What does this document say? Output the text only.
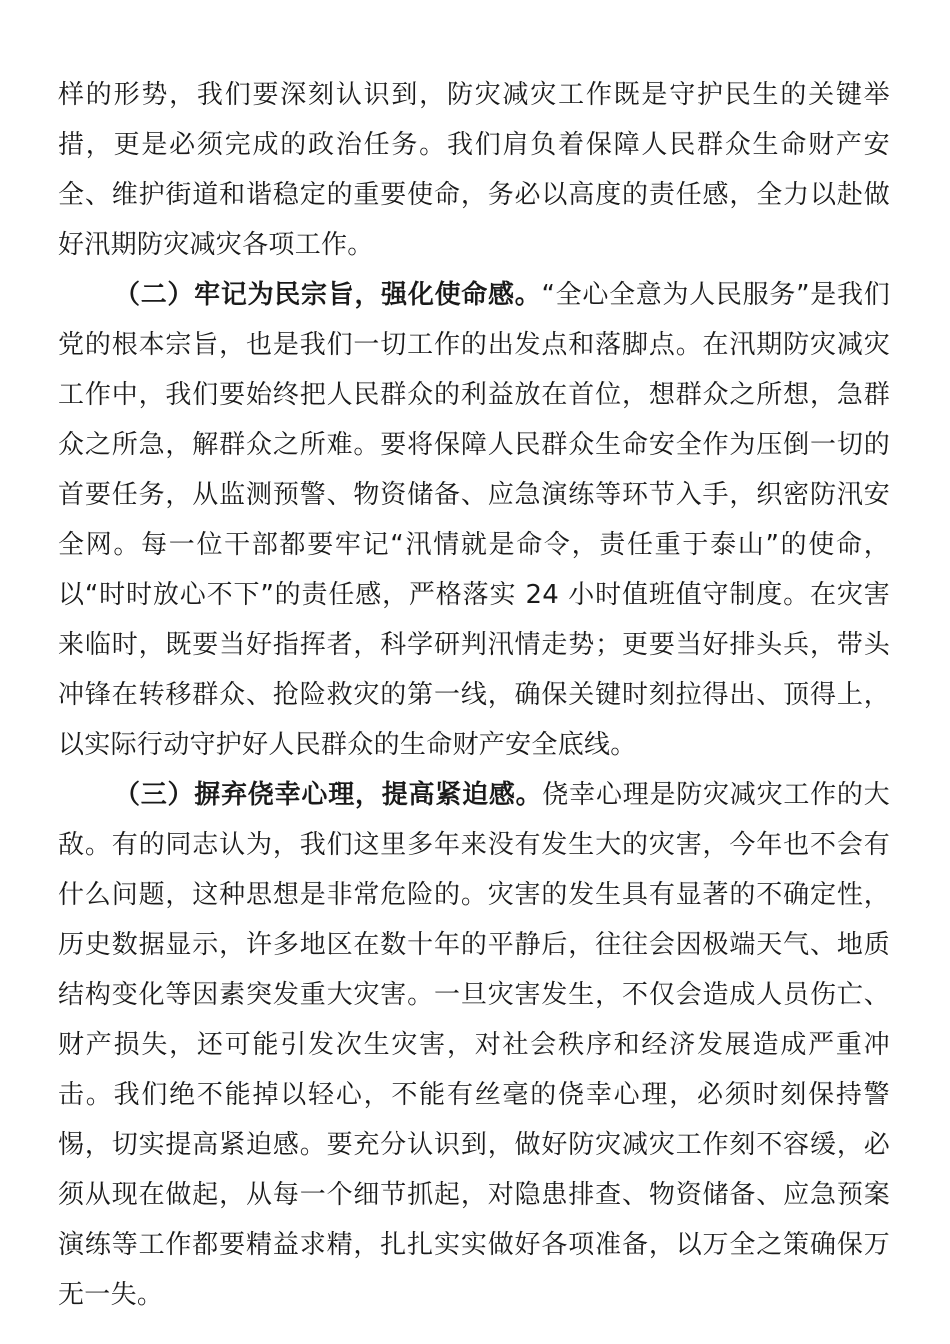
样的形势，我们要深刻认识到，防灾减灾工作既是守护民生的关键举措，更是必须完成的政治任务。我们肩负着保障人民群众生命财产安全、维护街道和谐稳定的重要使命，务必以高度的责任感，全力以赴做好汛期防灾减灾各项工作。

（二）牢记为民宗旨，强化使命感。“全心全意为人民服务”是我们党的根本宗旨，也是我们一切工作的出发点和落脚点。在汛期防灾减灾工作中，我们要始终把人民群众的利益放在首位，想群众之所想，急群众之所急，解群众之所难。要将保障人民群众生命安全作为压倒一切的首要任务，从监测预警、物资储备、应急演练等环节入手，织密防汛安全网。每一位干部都要牢记“汛情就是命令，责任重于泰山”的使命，以“时时放心不下”的责任感，严格落实 24 小时值班值守制度。在灾害来临时，既要当好指挥者，科学研判汛情走势；更要当好排头兵，带头冲锋在转移群众、抢险救灾的第一线，确保关键时刻拉得出、顶得上，以实际行动守护好人民群众的生命财产安全底线。

（三）摒弃侥幸心理，提高紧迫感。侥幸心理是防灾减灾工作的大敌。有的同志认为，我们这里多年来没有发生大的灾害，今年也不会有什么问题，这种思想是非常危险的。灾害的发生具有显著的不确定性，历史数据显示，许多地区在数十年的平静后，往往会因极端天气、地质结构变化等因素突发重大灾害。一旦灾害发生，不仅会造成人员伤亡、财产损失，还可能引发次生灾害，对社会秩序和经济发展造成严重冲击。我们绝不能掉以轻心，不能有丝毫的侥幸心理，必须时刻保持警惕，切实提高紧迫感。要充分认识到，做好防灾减灾工作刻不容缓，必须从现在做起，从每一个细节抓起，对隐患排查、物资储备、应急预案演练等工作都要精益求精，扎扎实实做好各项准备，以万全之策确保万无一失。
